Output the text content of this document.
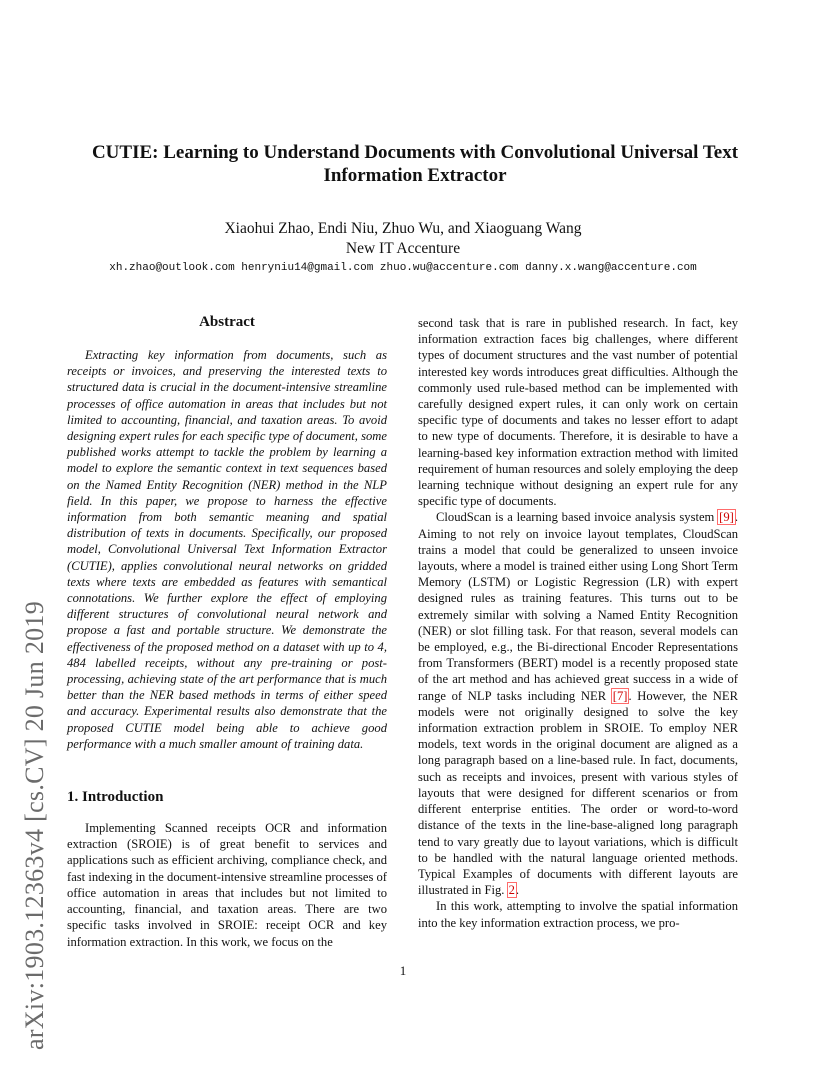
arXiv:1903.12363v4 [cs.CV] 20 Jun 2019
CUTIE: Learning to Understand Documents with Convolutional Universal Text Information Extractor
Xiaohui Zhao, Endi Niu, Zhuo Wu, and Xiaoguang Wang
New IT Accenture
xh.zhao@outlook.com henryniu14@gmail.com zhuo.wu@accenture.com danny.x.wang@accenture.com
Abstract

Extracting key information from documents, such as receipts or invoices, and preserving the interested texts to structured data is crucial in the document-intensive streamline processes of office automation in areas that includes but not limited to accounting, financial, and taxation areas. To avoid designing expert rules for each specific type of document, some published works attempt to tackle the problem by learning a model to explore the semantic context in text sequences based on the Named Entity Recognition (NER) method in the NLP field. In this paper, we propose to harness the effective information from both semantic meaning and spatial distribution of texts in documents. Specifically, our proposed model, Convolutional Universal Text Information Extractor (CUTIE), applies convolutional neural networks on gridded texts where texts are embedded as features with semantical connotations. We further explore the effect of employing different structures of convolutional neural network and propose a fast and portable structure. We demonstrate the effectiveness of the proposed method on a dataset with up to 4, 484 labelled receipts, without any pre-training or post-processing, achieving state of the art performance that is much better than the NER based methods in terms of either speed and accuracy. Experimental results also demonstrate that the proposed CUTIE model being able to achieve good performance with a much smaller amount of training data.

1. Introduction

Implementing Scanned receipts OCR and information extraction (SROIE) is of great benefit to services and applications such as efficient archiving, compliance check, and fast indexing in the document-intensive streamline processes of office automation in areas that includes but not limited to accounting, financial, and taxation areas. There are two specific tasks involved in SROIE: receipt OCR and key information extraction. In this work, we focus on the

second task that is rare in published research. In fact, key information extraction faces big challenges, where different types of document structures and the vast number of potential interested key words introduces great difficulties. Although the commonly used rule-based method can be implemented with carefully designed expert rules, it can only work on certain specific type of documents and takes no lesser effort to adapt to new type of documents. Therefore, it is desirable to have a learning-based key information extraction method with limited requirement of human resources and solely employing the deep learning technique without designing an expert rule for any specific type of documents.

CloudScan is a learning based invoice analysis system [9]. Aiming to not rely on invoice layout templates, CloudScan trains a model that could be generalized to unseen invoice layouts, where a model is trained either using Long Short Term Memory (LSTM) or Logistic Regression (LR) with expert designed rules as training features. This turns out to be extremely similar with solving a Named Entity Recognition (NER) or slot filling task. For that reason, several models can be employed, e.g., the Bi-directional Encoder Representations from Transformers (BERT) model is a recently proposed state of the art method and has achieved great success in a wide of range of NLP tasks including NER [7]. However, the NER models were not originally designed to solve the key information extraction problem in SROIE. To employ NER models, text words in the original document are aligned as a long paragraph based on a line-based rule. In fact, documents, such as receipts and invoices, present with various styles of layouts that were designed for different scenarios or from different enterprise entities. The order or word-to-word distance of the texts in the line-base-aligned long paragraph tend to vary greatly due to layout variations, which is difficult to be handled with the natural language oriented methods. Typical Examples of documents with different layouts are illustrated in Fig. 2.

In this work, attempting to involve the spatial information into the key information extraction process, we pro-

1
